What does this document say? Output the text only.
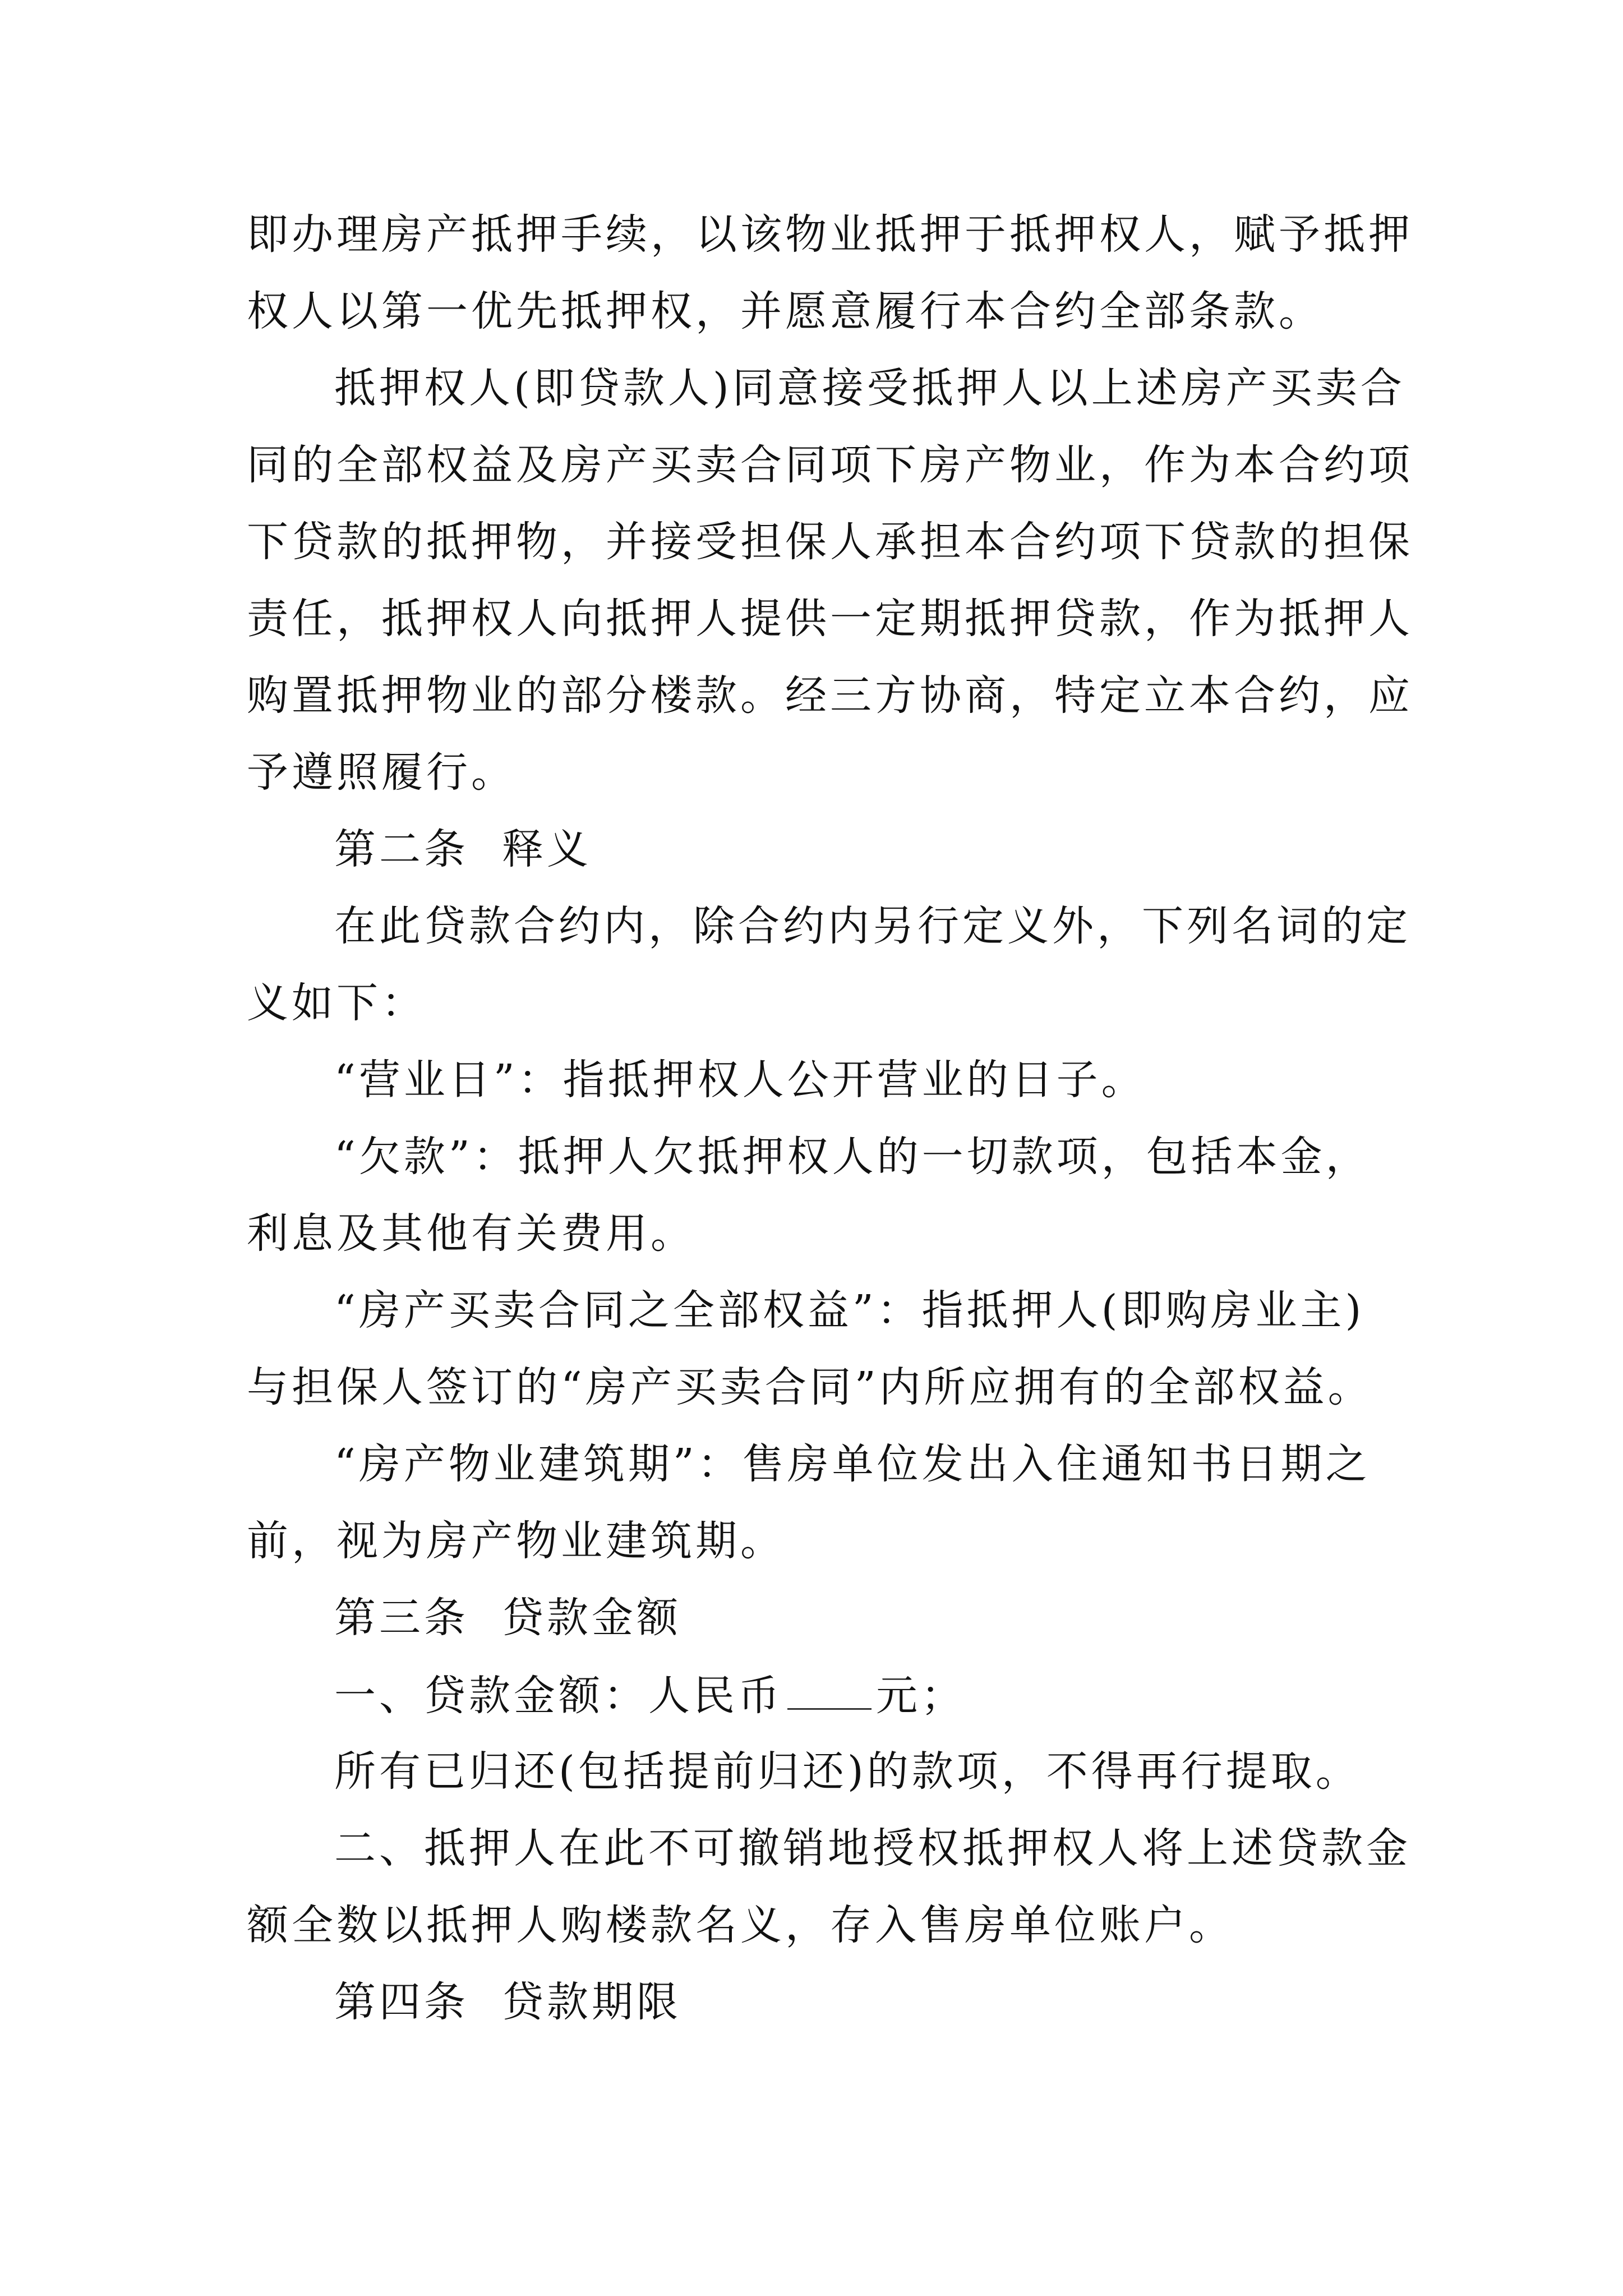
即办理房产抵押手续，以该物业抵押于抵押权人，赋予抵押

权人以第一优先抵押权，并愿意履行本合约全部条款。

抵押权人(即贷款人)同意接受抵押人以上述房产买卖合

同的全部权益及房产买卖合同项下房产物业，作为本合约项

下贷款的抵押物，并接受担保人承担本合约项下贷款的担保

责任，抵押权人向抵押人提供一定期抵押贷款，作为抵押人

购置抵押物业的部分楼款。经三方协商，特定立本合约，应

予遵照履行。

第二条  释义

在此贷款合约内，除合约内另行定义外，下列名词的定

义如下：

“营业日”：指抵押权人公开营业的日子。

“欠款”：抵押人欠抵押权人的一切款项，包括本金，

利息及其他有关费用。

“房产买卖合同之全部权益”：指抵押人(即购房业主)

与担保人签订的“房产买卖合同”内所应拥有的全部权益。

“房产物业建筑期”：售房单位发出入住通知书日期之

前，视为房产物业建筑期。

第三条  贷款金额

一、贷款金额：人民币 元；

所有已归还(包括提前归还)的款项，不得再行提取。

二、抵押人在此不可撤销地授权抵押权人将上述贷款金

额全数以抵押人购楼款名义，存入售房单位账户。

第四条  贷款期限
